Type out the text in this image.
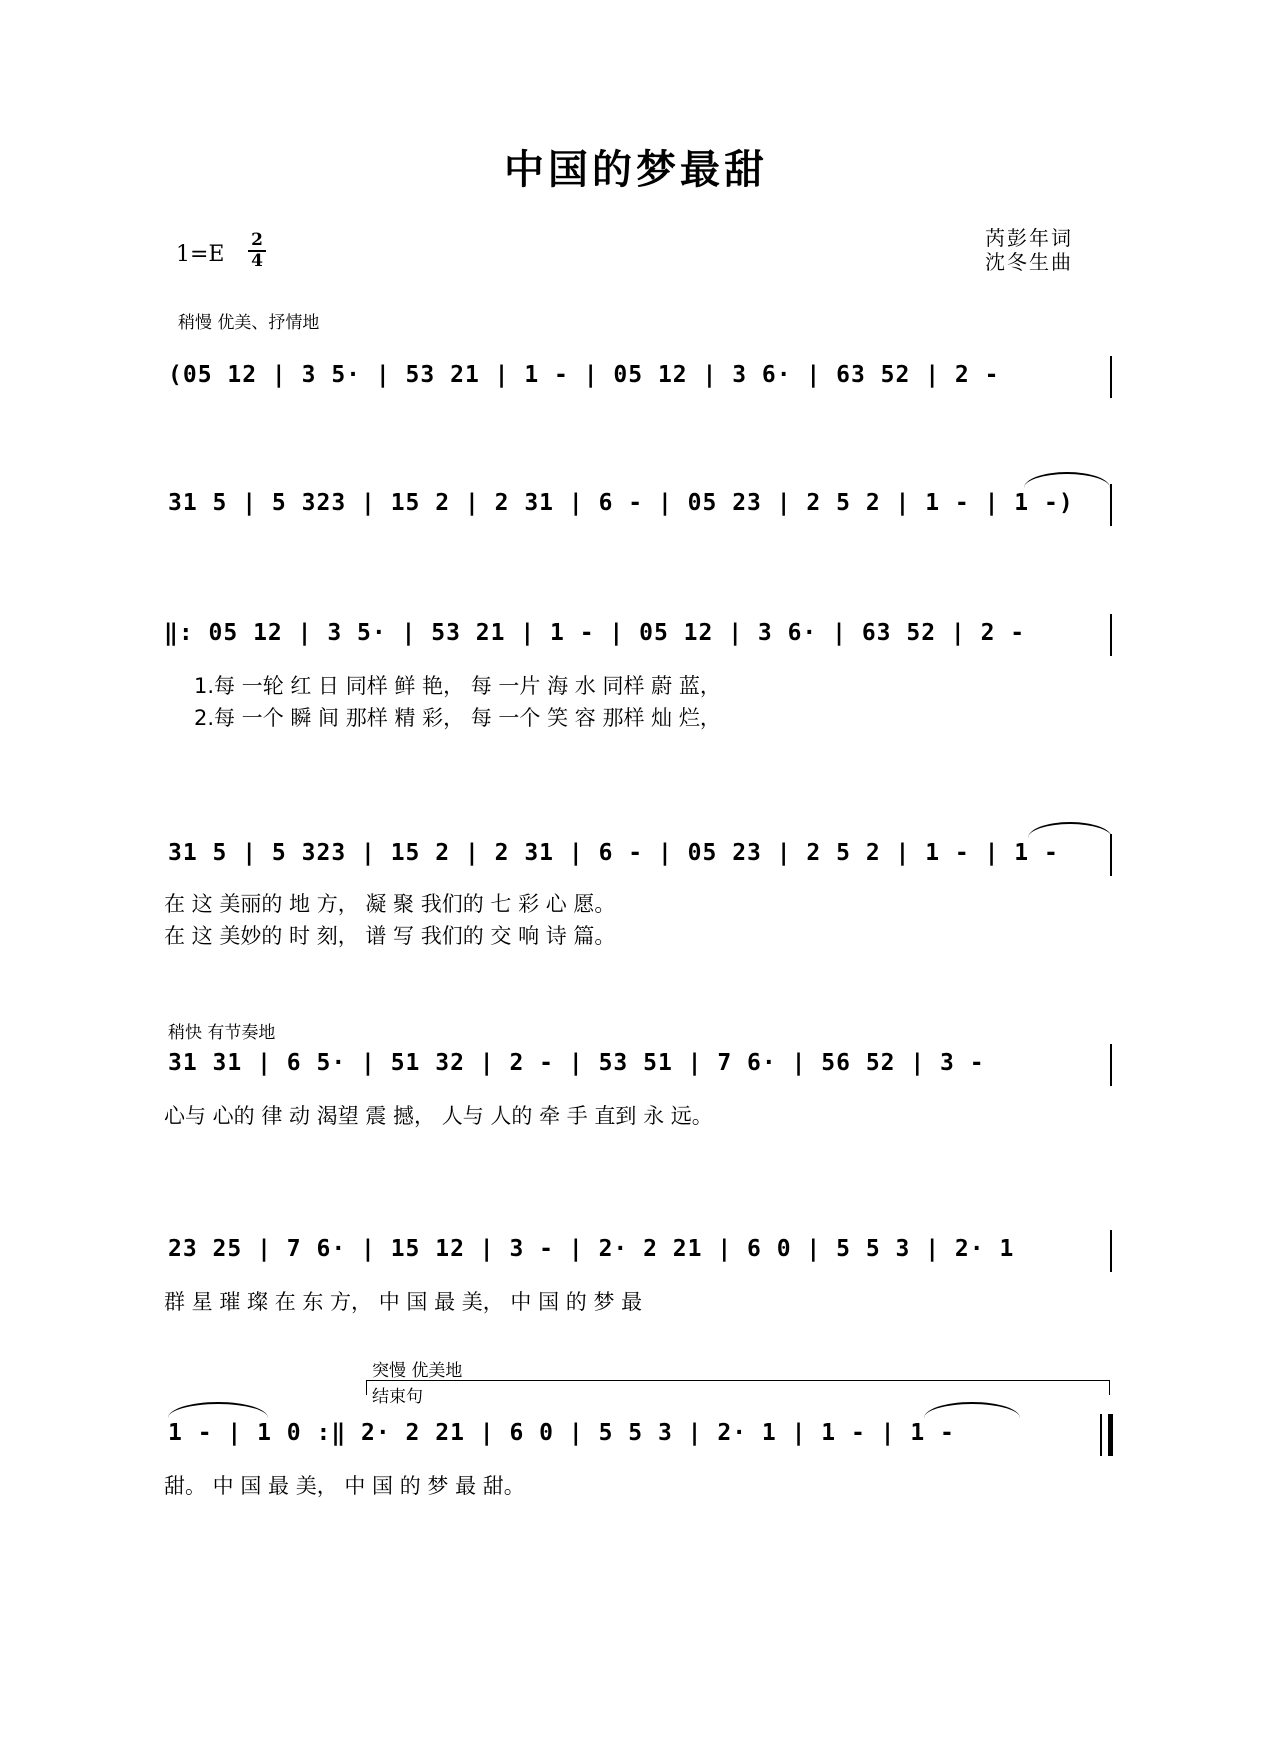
中国的梦最甜
1=E
2
4
芮彭年词
沈冬生曲
稍慢 优美、抒情地
(05 12 | 3 5· | 53 21 | 1 - | 05 12 | 3 6· | 63 52 | 2 -
31 5 | 5 323 | 15 2 | 2 31 | 6 - | 05 23 | 2 5 2 | 1 - | 1 -)
‖: 05 12 | 3 5· | 53 21 | 1 - | 05 12 | 3 6· | 63 52 | 2 -
1.每 一轮 红 日 同样 鲜 艳， 每 一片 海 水 同样 蔚 蓝，
2.每 一个 瞬 间 那样 精 彩， 每 一个 笑 容 那样 灿 烂，
31 5 | 5 323 | 15 2 | 2 31 | 6 - | 05 23 | 2 5 2 | 1 - | 1 -
在 这 美丽的 地 方， 凝 聚 我们的 七 彩 心 愿。
在 这 美妙的 时 刻， 谱 写 我们的 交 响 诗 篇。
稍快 有节奏地
31 31 | 6 5· | 51 32 | 2 - | 53 51 | 7 6· | 56 52 | 3 -
心与 心的 律 动 渴望 震 撼， 人与 人的 牵 手 直到 永 远。
23 25 | 7 6· | 15 12 | 3 - | 2· 2 21 | 6 0 | 5 5 3 | 2· 1
群 星 璀 璨 在 东 方， 中 国 最 美， 中 国 的 梦 最
突慢 优美地
结束句
1 - | 1 0 :‖ 2· 2 21 | 6 0 | 5 5 3 | 2· 1 | 1 - | 1 -
甜。 中 国 最 美， 中 国 的 梦 最 甜。
